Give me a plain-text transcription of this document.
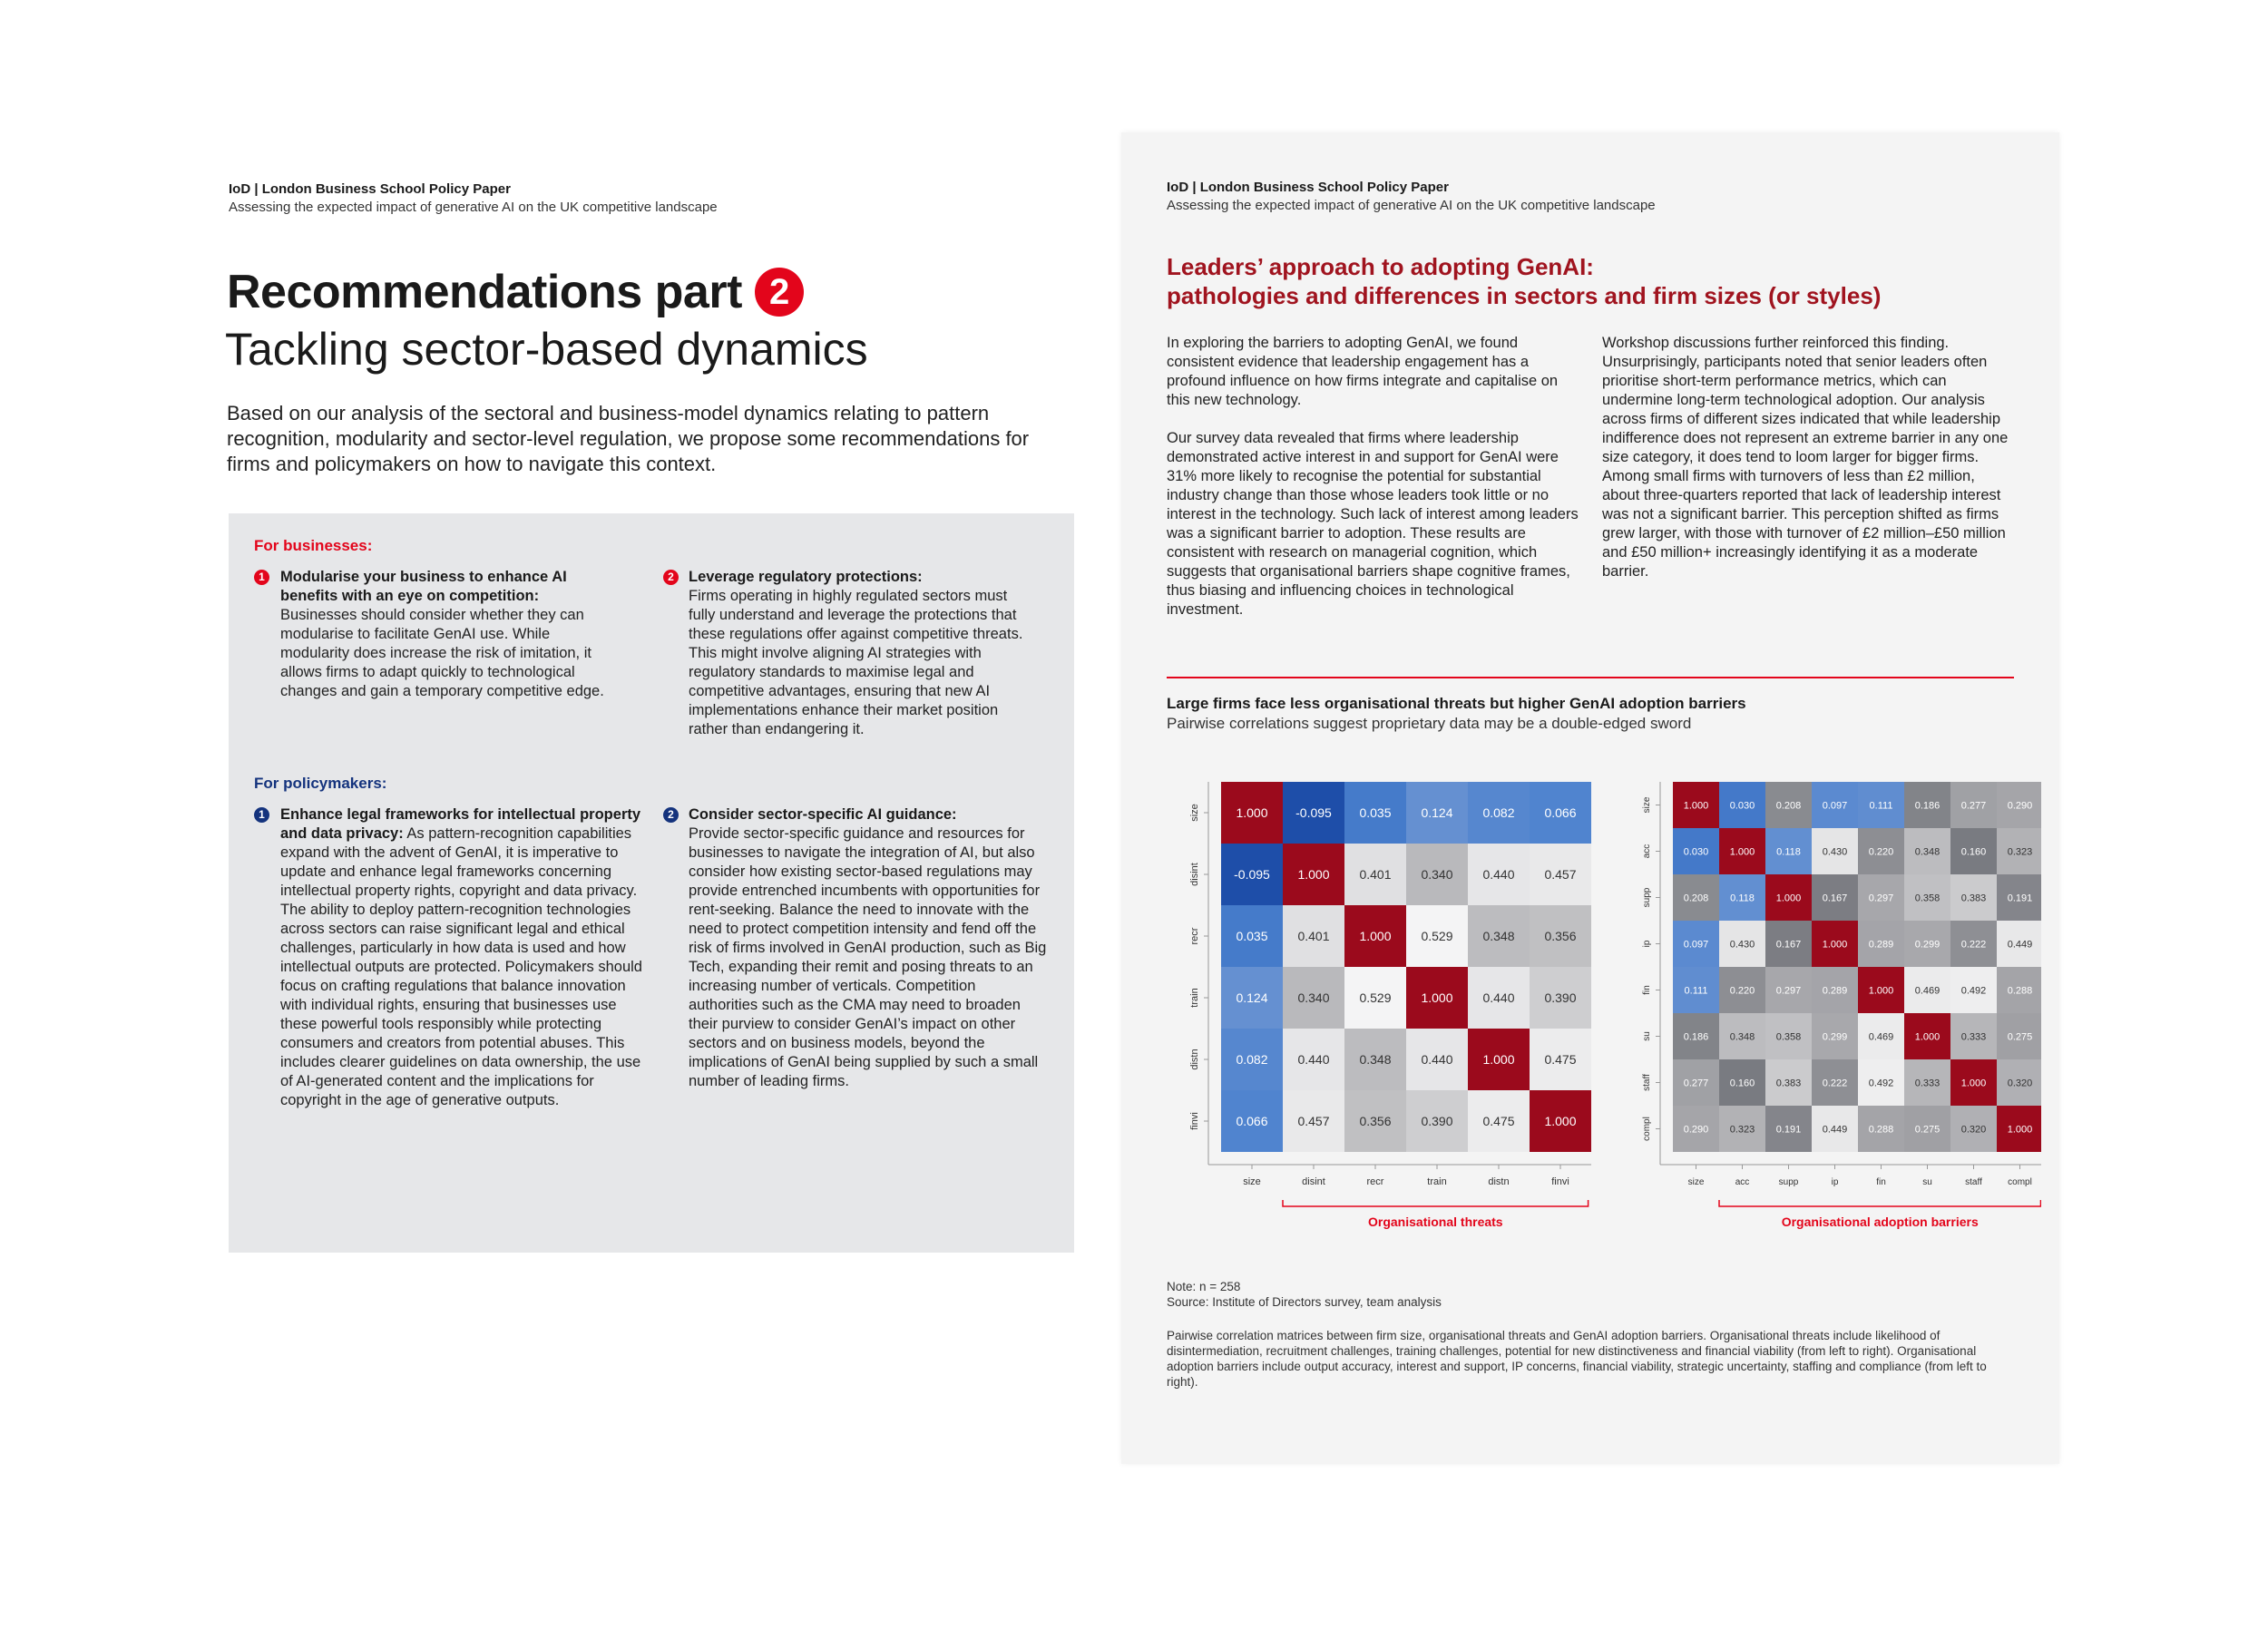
IoD | London Business School Policy Paper
Assessing the expected impact of generative AI on the UK competitive landscape
Recommendations part 2
Tackling sector-based dynamics
Based on our analysis of the sectoral and business-model dynamics relating to pattern recognition, modularity and sector-level regulation, we propose some recommendations for firms and policymakers on how to navigate this context.
For businesses:
1	Modularise your business to enhance AI benefits with an eye on competition:
Businesses should consider whether they can modularise to facilitate GenAI use. While modularity does increase the risk of imitation, it allows firms to adapt quickly to technological changes and gain a temporary competitive edge.
2 Leverage regulatory protections:
Firms operating in highly regulated sectors must fully understand and leverage the protections that these regulations offer against competitive threats. This might involve aligning AI strategies with regulatory standards to maximise legal and competitive advantages, ensuring that new AI implementations enhance their market position rather than endangering it.
For policymakers:
1	Enhance legal frameworks for intellectual property and data privacy: As pattern-recognition capabilities expand with the advent of GenAI, it is imperative to update and enhance legal frameworks concerning intellectual property rights, copyright and data privacy. The ability to deploy pattern-recognition technologies across sectors can raise significant legal and ethical challenges, particularly in how data is used and how intellectual outputs are protected. Policymakers should focus on crafting regulations that balance innovation with individual rights, ensuring that businesses use these powerful tools responsibly while protecting consumers and creators from potential abuses. This includes clearer guidelines on data ownership, the use of AI-generated content and the implications for copyright in the age of generative outputs.
2 Consider sector-specific AI guidance:
Provide sector-specific guidance and resources for businesses to navigate the integration of AI, but also consider how existing sector-based regulations may provide entrenched incumbents with opportunities for rent-seeking. Balance the need to innovate with the need to protect competition intensity and fend off the risk of firms involved in GenAI production, such as Big Tech, expanding their remit and posing threats to an increasing number of verticals. Competition authorities such as the CMA may need to broaden their purview to consider GenAI’s impact on other sectors and on business models, beyond the implications of GenAI being supplied by such a small number of leading firms.
IoD | London Business School Policy Paper
Assessing the expected impact of generative AI on the UK competitive landscape
Leaders’ approach to adopting GenAI:
pathologies and differences in sectors and firm sizes (or styles)

In exploring the barriers to adopting GenAI, we found consistent evidence that leadership engagement has a profound influence on how firms integrate and capitalise on this new technology.

Our survey data revealed that firms where leadership demonstrated active interest in and support for GenAI were 31% more likely to recognise the potential for substantial industry change than those whose leaders took little or no interest in the technology. Such lack of interest among leaders was a significant barrier to adoption. These results are consistent with research on managerial cognition, which suggests that organisational barriers shape cognitive frames, thus biasing and influencing choices in technological investment.

Workshop discussions further reinforced this finding. Unsurprisingly, participants noted that senior leaders often prioritise short-term performance metrics, which can undermine long-term technological adoption. Our analysis across firms of different sizes indicated that while leadership indifference does not represent an extreme barrier in any one size category, it does tend to loom larger for bigger firms. Among small firms with turnovers of less than £2 million, about three-quarters reported that lack of leadership interest was not a significant barrier. This perception shifted as firms grew larger, with those with turnover of £2 million–£50 million and £50 million+ increasingly identifying it as a moderate barrier.

Large firms face less organisational threats but higher GenAI adoption barriers
Pairwise correlations suggest proprietary data may be a double-edged sword
1.000 -0.095 0.035 0.124 0.082 0.066
-0.095 1.000 0.401 0.340 0.440 0.457
0.035 0.401 1.000 0.529 0.348 0.356
0.124 0.340 0.529 1.000 0.440 0.390
0.082 0.440 0.348 0.440 1.000 0.475
0.066 0.457 0.356 0.390 0.475 1.000
size
size
disint
disint
recr
recr
train
train
distn
distn
finvi
finvi
Organisational threats
1.000 0.030 0.208 0.097 0.111 0.186 0.277 0.290
0.030 1.000 0.118 0.430 0.220 0.348 0.160 0.323
0.208 0.118 1.000 0.167 0.297 0.358 0.383 0.191
0.097 0.430 0.167 1.000 0.289 0.299 0.222 0.449
0.111 0.220 0.297 0.289 1.000 0.469 0.492 0.288
0.186 0.348 0.358 0.299 0.469 1.000 0.333 0.275
0.277 0.160 0.383 0.222 0.492 0.333 1.000 0.320
0.290 0.323 0.191 0.449 0.288 0.275 0.320 1.000
size
size
acc
acc
supp
supp
ip
ip
fin
fin
su
su
staff
staff
compl
compl
Organisational adoption barriers
Note: n = 258
Source: Institute of Directors survey, team analysis
Pairwise correlation matrices between firm size, organisational threats and GenAI adoption barriers. Organisational threats include likelihood of disintermediation, recruitment challenges, training challenges, potential for new distinctiveness and financial viability (from left to right). Organisational adoption barriers include output accuracy, interest and support, IP concerns, financial viability, strategic uncertainty, staffing and compliance (from left to right).
